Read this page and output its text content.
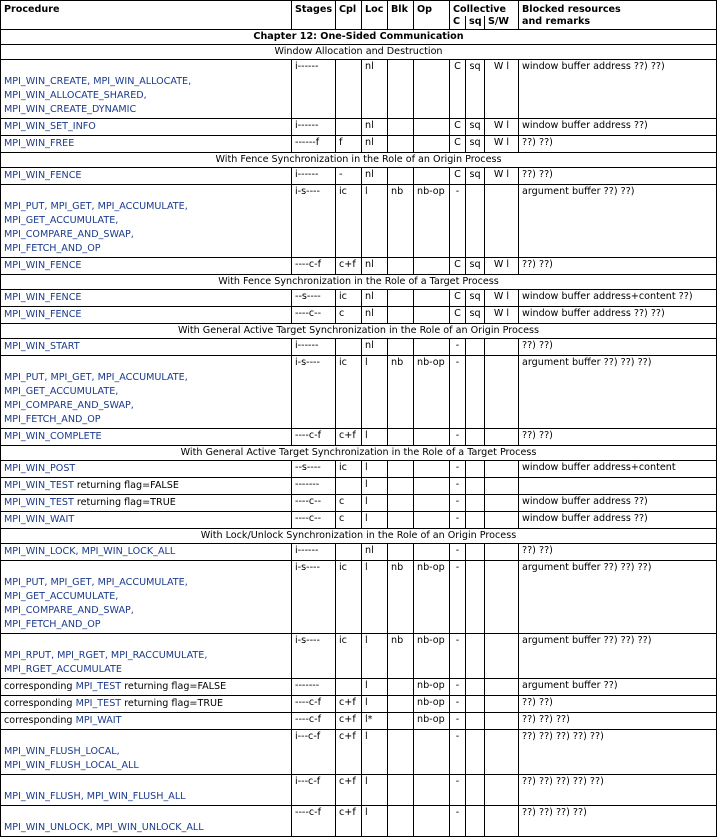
Procedure	Stages	Cpl	Loc	Blk	Op	Collective			Blocked resources
						C	sq	S/W	and remarks
Chapter 12: One-Sided Communication									
Window Allocation and Destruction									

MPI_WIN_CREATE, MPI_WIN_ALLOCATE,
MPI_WIN_ALLOCATE_SHARED,
MPI_WIN_CREATE_DYNAMIC	i------		nl			C	sq	W l	window buffer address ??) ??)

MPI_WIN_SET_INFO	i------		nl			C	sq	W l	window buffer address ??)

MPI_WIN_FREE	------f	f	nl			C	sq	W l	??) ??)
With Fence Synchronization in the Role of an Origin Process									

MPI_WIN_FENCE	i------	-	nl			C	sq	W l	??) ??)

MPI_PUT, MPI_GET, MPI_ACCUMULATE,
MPI_GET_ACCUMULATE,
MPI_COMPARE_AND_SWAP,
MPI_FETCH_AND_OP	i-s----	ic	l	nb	nb-op	-			argument buffer ??) ??)

MPI_WIN_FENCE	----c-f	c+f	nl			C	sq	W l	??) ??)
With Fence Synchronization in the Role of a Target Process									

MPI_WIN_FENCE	--s----	ic	nl			C	sq	W l	window buffer address+content ??)

MPI_WIN_FENCE	----c--	c	nl			C	sq	W l	window buffer address ??) ??)
With General Active Target Synchronization in the Role of an Origin Process									

MPI_WIN_START	i------		nl			-			??) ??)

MPI_PUT, MPI_GET, MPI_ACCUMULATE,
MPI_GET_ACCUMULATE,
MPI_COMPARE_AND_SWAP,
MPI_FETCH_AND_OP	i-s----	ic	l	nb	nb-op	-			argument buffer ??) ??) ??)

MPI_WIN_COMPLETE	----c-f	c+f	l			-			??) ??)
With General Active Target Synchronization in the Role of a Target Process									

MPI_WIN_POST	--s----	ic	l			-			window buffer address+content

MPI_WIN_TEST returning flag=FALSE	-------		l			-			

MPI_WIN_TEST returning flag=TRUE	----c--	c	l			-			window buffer address ??)

MPI_WIN_WAIT	----c--	c	l			-			window buffer address ??)
With Lock/Unlock Synchronization in the Role of an Origin Process									

MPI_WIN_LOCK, MPI_WIN_LOCK_ALL	i------		nl			-			??) ??)

MPI_PUT, MPI_GET, MPI_ACCUMULATE,
MPI_GET_ACCUMULATE,
MPI_COMPARE_AND_SWAP,
MPI_FETCH_AND_OP	i-s----	ic	l	nb	nb-op	-			argument buffer ??) ??) ??)

MPI_RPUT, MPI_RGET, MPI_RACCUMULATE,
MPI_RGET_ACCUMULATE	i-s----	ic	l	nb	nb-op	-			argument buffer ??) ??) ??)

corresponding MPI_TEST returning flag=FALSE	-------		l		nb-op	-			argument buffer ??)

corresponding MPI_TEST returning flag=TRUE	----c-f	c+f	l		nb-op	-			??) ??)

corresponding MPI_WAIT	----c-f	c+f	l*		nb-op	-			??) ??) ??)

MPI_WIN_FLUSH_LOCAL,
MPI_WIN_FLUSH_LOCAL_ALL	i---c-f	c+f	l			-			??) ??) ??) ??) ??)

MPI_WIN_FLUSH, MPI_WIN_FLUSH_ALL	i---c-f	c+f	l			-			??) ??) ??) ??) ??)

MPI_WIN_UNLOCK, MPI_WIN_UNLOCK_ALL	----c-f	c+f	l			-			??) ??) ??) ??)
